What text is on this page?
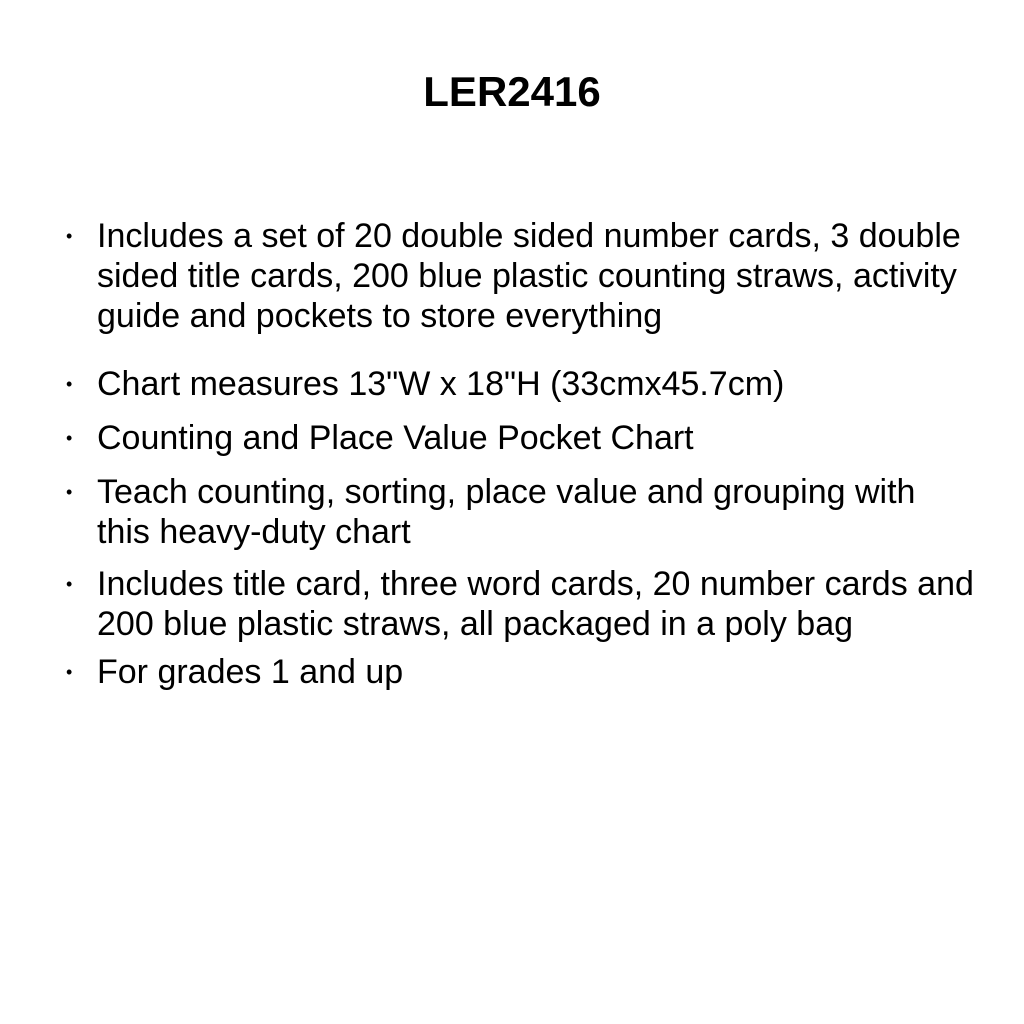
LER2416
• Includes a set of 20 double sided number cards, 3 double sided title cards, 200 blue plastic counting straws, activity guide and pockets to store everything
• Chart measures 13"W x 18"H (33cmx45.7cm)
• Counting and Place Value Pocket Chart
• Teach counting, sorting, place value and grouping with this heavy-duty chart
• Includes title card, three word cards, 20 number cards and 200 blue plastic straws, all packaged in a poly bag
• For grades 1 and up
